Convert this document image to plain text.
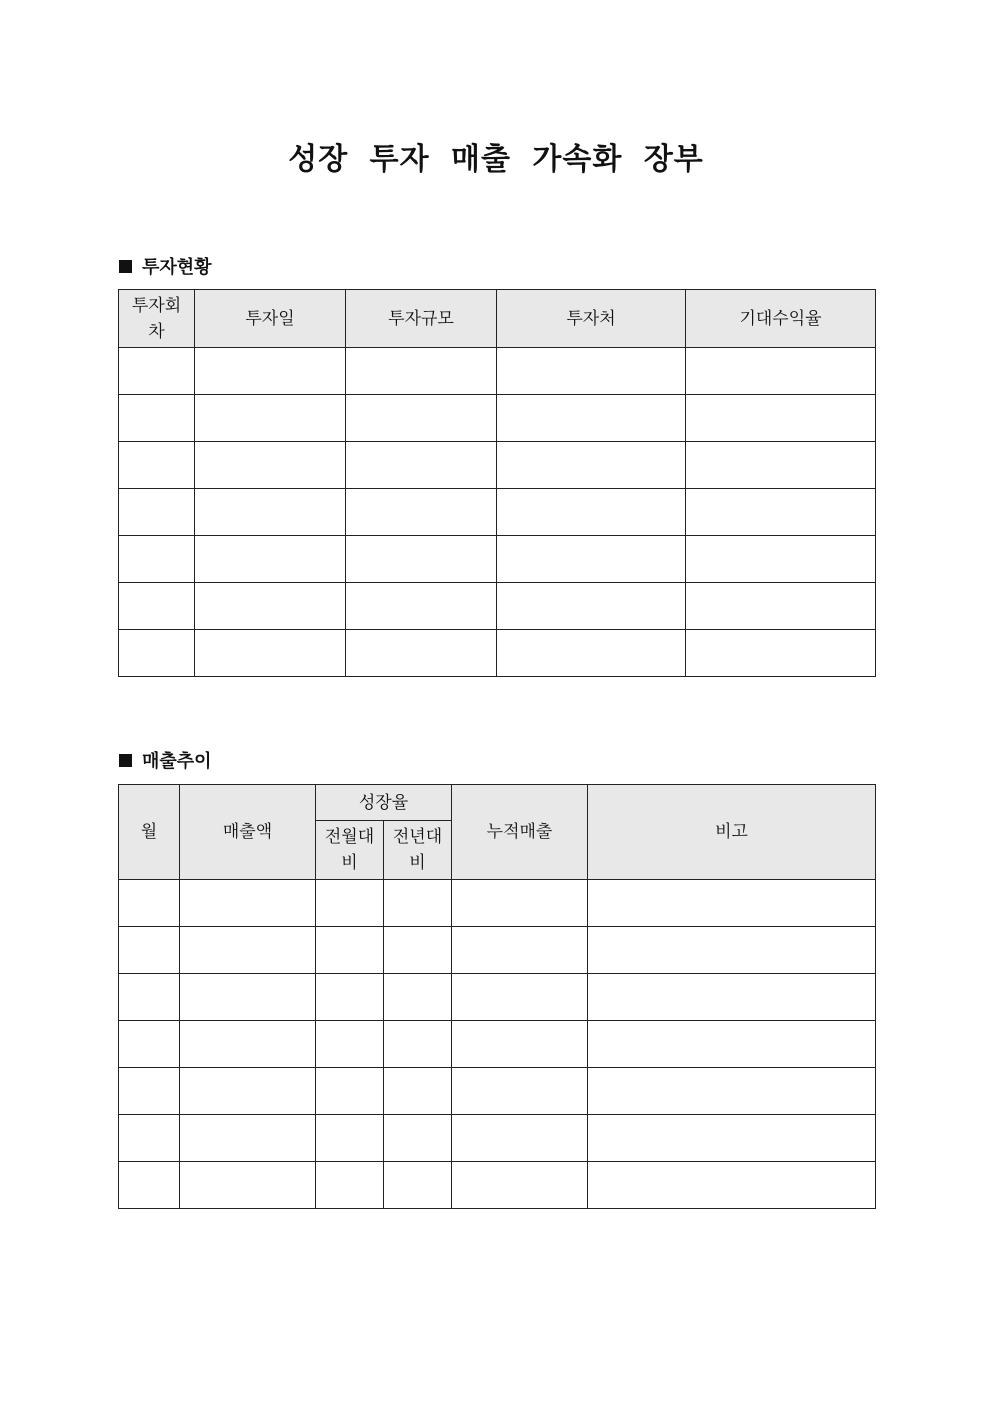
성장 투자 매출 가속화 장부
투자현황
투자회차	투자일	투자규모	투자처	기대수익율

매출추이
월	매출액	성장율		누적매출	비고
		전월대비	전년대비		
